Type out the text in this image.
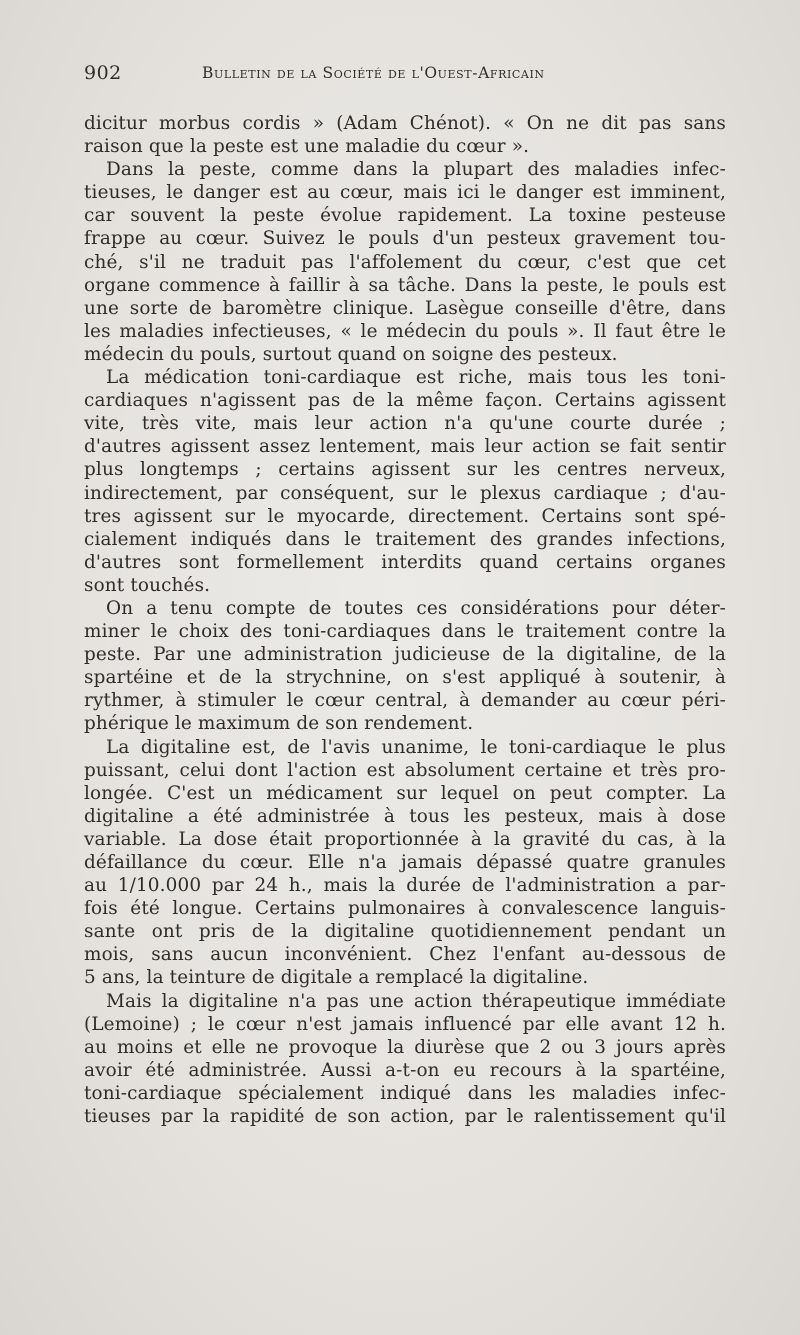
902	Bulletin de la Société de l'Ouest-Africain
dicitur morbus cordis » (Adam Chénot). « On ne dit pas sans
raison que la peste est une maladie du cœur ».
Dans la peste, comme dans la plupart des maladies infec-
tieuses, le danger est au cœur, mais ici le danger est imminent,
car souvent la peste évolue rapidement. La toxine pesteuse
frappe au cœur. Suivez le pouls d'un pesteux gravement tou-
ché, s'il ne traduit pas l'affolement du cœur, c'est que cet
organe commence à faillir à sa tâche. Dans la peste, le pouls est
une sorte de baromètre clinique. Lasègue conseille d'être, dans
les maladies infectieuses, « le médecin du pouls ». Il faut être le
médecin du pouls, surtout quand on soigne des pesteux.
La médication toni-cardiaque est riche, mais tous les toni-
cardiaques n'agissent pas de la même façon. Certains agissent
vite, très vite, mais leur action n'a qu'une courte durée ;
d'autres agissent assez lentement, mais leur action se fait sentir
plus longtemps ; certains agissent sur les centres nerveux,
indirectement, par conséquent, sur le plexus cardiaque ; d'au-
tres agissent sur le myocarde, directement. Certains sont spé-
cialement indiqués dans le traitement des grandes infections,
d'autres sont formellement interdits quand certains organes
sont touchés.
On a tenu compte de toutes ces considérations pour déter-
miner le choix des toni-cardiaques dans le traitement contre la
peste. Par une administration judicieuse de la digitaline, de la
spartéine et de la strychnine, on s'est appliqué à soutenir, à
rythmer, à stimuler le cœur central, à demander au cœur péri-
phérique le maximum de son rendement.
La digitaline est, de l'avis unanime, le toni-cardiaque le plus
puissant, celui dont l'action est absolument certaine et très pro-
longée. C'est un médicament sur lequel on peut compter. La
digitaline a été administrée à tous les pesteux, mais à dose
variable. La dose était proportionnée à la gravité du cas, à la
défaillance du cœur. Elle n'a jamais dépassé quatre granules
au 1/10.000 par 24 h., mais la durée de l'administration a par-
fois été longue. Certains pulmonaires à convalescence languis-
sante ont pris de la digitaline quotidiennement pendant un
mois, sans aucun inconvénient. Chez l'enfant au-dessous de
5 ans, la teinture de digitale a remplacé la digitaline.
Mais la digitaline n'a pas une action thérapeutique immédiate
(Lemoine) ; le cœur n'est jamais influencé par elle avant 12 h.
au moins et elle ne provoque la diurèse que 2 ou 3 jours après
avoir été administrée. Aussi a-t-on eu recours à la spartéine,
toni-cardiaque spécialement indiqué dans les maladies infec-
tieuses par la rapidité de son action, par le ralentissement qu'il
